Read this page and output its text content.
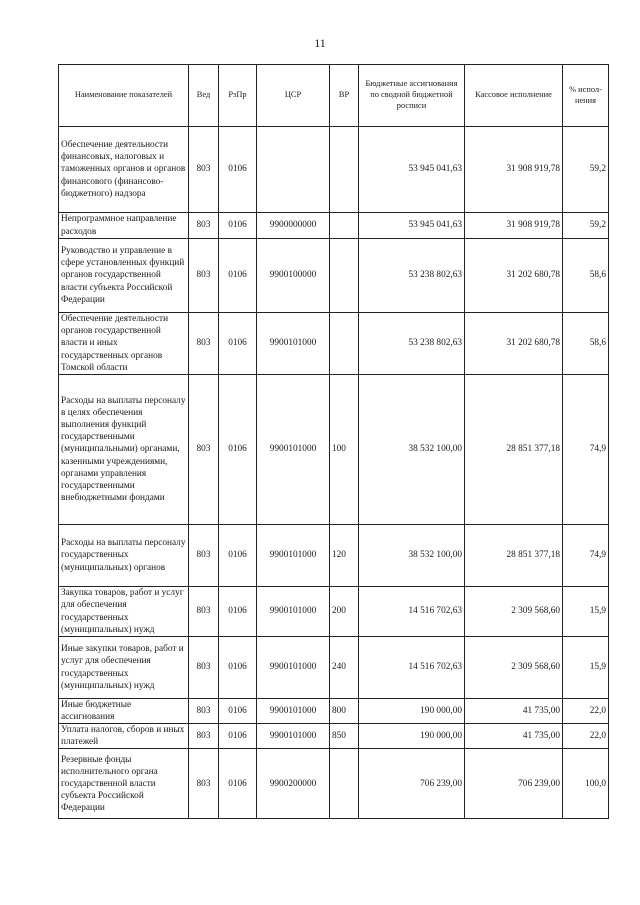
11
Наименование показателей	Вед	РзПр	ЦСР	ВР	Бюджетные ассигнования по сводной бюджетной росписи	Кассовое исполнение	% испол-нения
Обеспечение деятельности финансовых, налоговых и таможенных органов и органов финансового (финансово-бюджетного) надзора	803	0106			53 945 041,63	31 908 919,78	59,2
Непрограммное направление расходов	803	0106	9900000000		53 945 041,63	31 908 919,78	59,2
Руководство и управление в сфере установленных функций органов государственной власти субъекта Российской Федерации	803	0106	9900100000		53 238 802,63	31 202 680,78	58,6
Обеспечение деятельности органов государственной власти и иных государственных органов Томской области	803	0106	9900101000		53 238 802,63	31 202 680,78	58,6
Расходы на выплаты персоналу в целях обеспечения выполнения функций государственными (муниципальными) органами, казенными учреждениями, органами управления государственными внебюджетными фондами	803	0106	9900101000	100	38 532 100,00	28 851 377,18	74,9
Расходы на выплаты персоналу государственных (муниципальных) органов	803	0106	9900101000	120	38 532 100,00	28 851 377,18	74,9
Закупка товаров, работ и услуг для обеспечения государственных (муниципальных) нужд	803	0106	9900101000	200	14 516 702,63	2 309 568,60	15,9
Иные закупки товаров, работ и услуг для обеспечения государственных (муниципальных) нужд	803	0106	9900101000	240	14 516 702,63	2 309 568,60	15,9
Иные бюджетные ассигнования	803	0106	9900101000	800	190 000,00	41 735,00	22,0
Уплата налогов, сборов и иных платежей	803	0106	9900101000	850	190 000,00	41 735,00	22,0
Резервные фонды исполнительного органа государственной власти субъекта Российской Федерации	803	0106	9900200000		706 239,00	706 239,00	100,0
